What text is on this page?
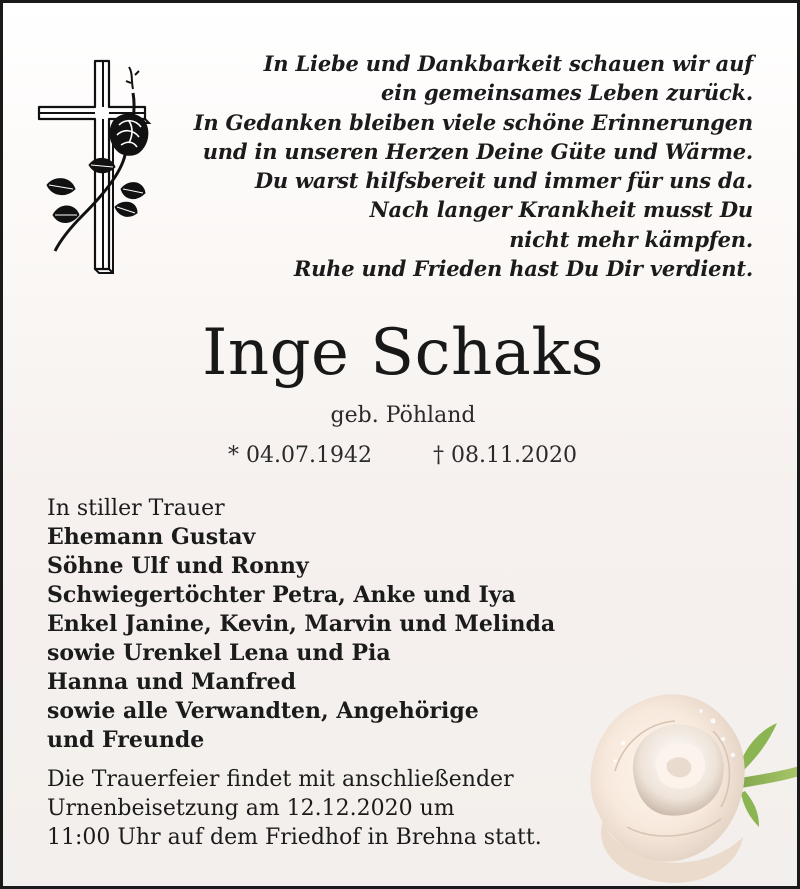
In Liebe und Dankbarkeit schauen wir auf
ein gemeinsames Leben zurück.
In Gedanken bleiben viele schöne Erinnerungen
und in unseren Herzen Deine Güte und Wärme.
Du warst hilfsbereit und immer für uns da.
Nach langer Krankheit musst Du
nicht mehr kämpfen.
Ruhe und Frieden hast Du Dir verdient.
Inge Schaks
geb. Pöhland
* 04.07.1942	† 08.11.2020
In stiller Trauer
Ehemann Gustav
Söhne Ulf und Ronny
Schwiegertöchter Petra, Anke und Iya
Enkel Janine, Kevin, Marvin und Melinda
sowie Urenkel Lena und Pia
Hanna und Manfred
sowie alle Verwandten, Angehörige
und Freunde
Die Trauerfeier findet mit anschließender
Urnenbeisetzung am 12.12.2020 um
11:00 Uhr auf dem Friedhof in Brehna statt.
